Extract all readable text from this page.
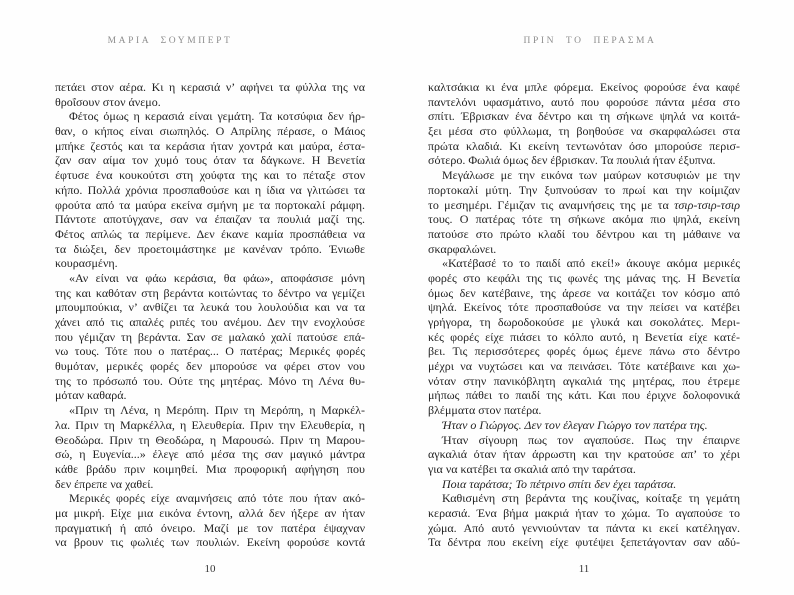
ΜΑΡΙΑ ΣΟΥΜΠΕΡΤ
πετάει στον αέρα. Κι η κερασιά ν’ αφήνει τα φύλλα της να
θροΐσουν στον άνεμο.
Φέτος όμως η κερασιά είναι γεμάτη. Τα κοτσύφια δεν ήρ-
θαν, ο κήπος είναι σιωπηλός. Ο Απρίλης πέρασε, ο Μάιος
μπήκε ζεστός και τα κεράσια ήταν χοντρά και μαύρα, έστα-
ζαν σαν αίμα τον χυμό τους όταν τα δάγκωνε. Η Βενετία
έφτυσε ένα κουκούτσι στη χούφτα της και το πέταξε στον
κήπο. Πολλά χρόνια προσπαθούσε και η ίδια να γλιτώσει τα
φρούτα από τα μαύρα εκείνα σμήνη με τα πορτοκαλί ράμφη.
Πάντοτε αποτύγχανε, σαν να έπαιζαν τα πουλιά μαζί της.
Φέτος απλώς τα περίμενε. Δεν έκανε καμία προσπάθεια να
τα διώξει, δεν προετοιμάστηκε με κανέναν τρόπο. Ένιωθε
κουρασμένη.
«Αν είναι να φάω κεράσια, θα φάω», αποφάσισε μόνη
της και καθόταν στη βεράντα κοιτώντας το δέντρο να γεμίζει
μπουμπούκια, ν’ ανθίζει τα λευκά του λουλούδια και να τα
χάνει από τις απαλές ριπές του ανέμου. Δεν την ενοχλούσε
που γέμιζαν τη βεράντα. Σαν σε μαλακό χαλί πατούσε επά-
νω τους. Τότε που ο πατέρας... Ο πατέρας; Μερικές φορές
θυμόταν, μερικές φορές δεν μπορούσε να φέρει στον νου
της το πρόσωπό του. Ούτε της μητέρας. Μόνο τη Λένα θυ-
μόταν καθαρά.
«Πριν τη Λένα, η Μερόπη. Πριν τη Μερόπη, η Μαρκέλ-
λα. Πριν τη Μαρκέλλα, η Ελευθερία. Πριν την Ελευθερία, η
Θεοδώρα. Πριν τη Θεοδώρα, η Μαρουσώ. Πριν τη Μαρου-
σώ, η Ευγενία...» έλεγε από μέσα της σαν μαγικό μάντρα
κάθε βράδυ πριν κοιμηθεί. Μια προφορική αφήγηση που
δεν έπρεπε να χαθεί.
Μερικές φορές είχε αναμνήσεις από τότε που ήταν ακό-
μα μικρή. Είχε μια εικόνα έντονη, αλλά δεν ήξερε αν ήταν
πραγματική ή από όνειρο. Μαζί με τον πατέρα έψαχναν
να βρουν τις φωλιές των πουλιών. Εκείνη φορούσε κοντά
10
ΠΡΙΝ ΤΟ ΠΕΡΑΣΜΑ
καλτσάκια κι ένα μπλε φόρεμα. Εκείνος φορούσε ένα καφέ
παντελόνι υφασμάτινο, αυτό που φορούσε πάντα μέσα στο
σπίτι. Έβρισκαν ένα δέντρο και τη σήκωνε ψηλά να κοιτά-
ξει μέσα στο φύλλωμα, τη βοηθούσε να σκαρφαλώσει στα
πρώτα κλαδιά. Κι εκείνη τεντωνόταν όσο μπορούσε περισ-
σότερο. Φωλιά όμως δεν έβρισκαν. Τα πουλιά ήταν έξυπνα.
Μεγάλωσε με την εικόνα των μαύρων κοτσυφιών με την
πορτοκαλί μύτη. Την ξυπνούσαν το πρωί και την κοίμιζαν
το μεσημέρι. Γέμιζαν τις αναμνήσεις της με τα τσιρ-τσιρ-τσιρ
τους. Ο πατέρας τότε τη σήκωνε ακόμα πιο ψηλά, εκείνη
πατούσε στο πρώτο κλαδί του δέντρου και τη μάθαινε να
σκαρφαλώνει.
«Κατέβασέ το το παιδί από εκεί!» άκουγε ακόμα μερικές
φορές στο κεφάλι της τις φωνές της μάνας της. Η Βενετία
όμως δεν κατέβαινε, της άρεσε να κοιτάζει τον κόσμο από
ψηλά. Εκείνος τότε προσπαθούσε να την πείσει να κατέβει
γρήγορα, τη δωροδοκούσε με γλυκά και σοκολάτες. Μερι-
κές φορές είχε πιάσει το κόλπο αυτό, η Βενετία είχε κατέ-
βει. Τις περισσότερες φορές όμως έμενε πάνω στο δέντρο
μέχρι να νυχτώσει και να πεινάσει. Τότε κατέβαινε και χω-
νόταν στην πανικόβλητη αγκαλιά της μητέρας, που έτρεμε
μήπως πάθει το παιδί της κάτι. Και που έριχνε δολοφονικά
βλέμματα στον πατέρα.
Ήταν ο Γιώργος. Δεν τον έλεγαν Γιώργο τον πατέρα της.
Ήταν σίγουρη πως τον αγαπούσε. Πως την έπαιρνε
αγκαλιά όταν ήταν άρρωστη και την κρατούσε απ’ το χέρι
για να κατέβει τα σκαλιά από την ταράτσα.
Ποια ταράτσα; Το πέτρινο σπίτι δεν έχει ταράτσα.
Καθισμένη στη βεράντα της κουζίνας, κοίταξε τη γεμάτη
κερασιά. Ένα βήμα μακριά ήταν το χώμα. Το αγαπούσε το
χώμα. Από αυτό γεννιούνταν τα πάντα κι εκεί κατέληγαν.
Τα δέντρα που εκείνη είχε φυτέψει ξεπετάγονταν σαν αδύ-
11
